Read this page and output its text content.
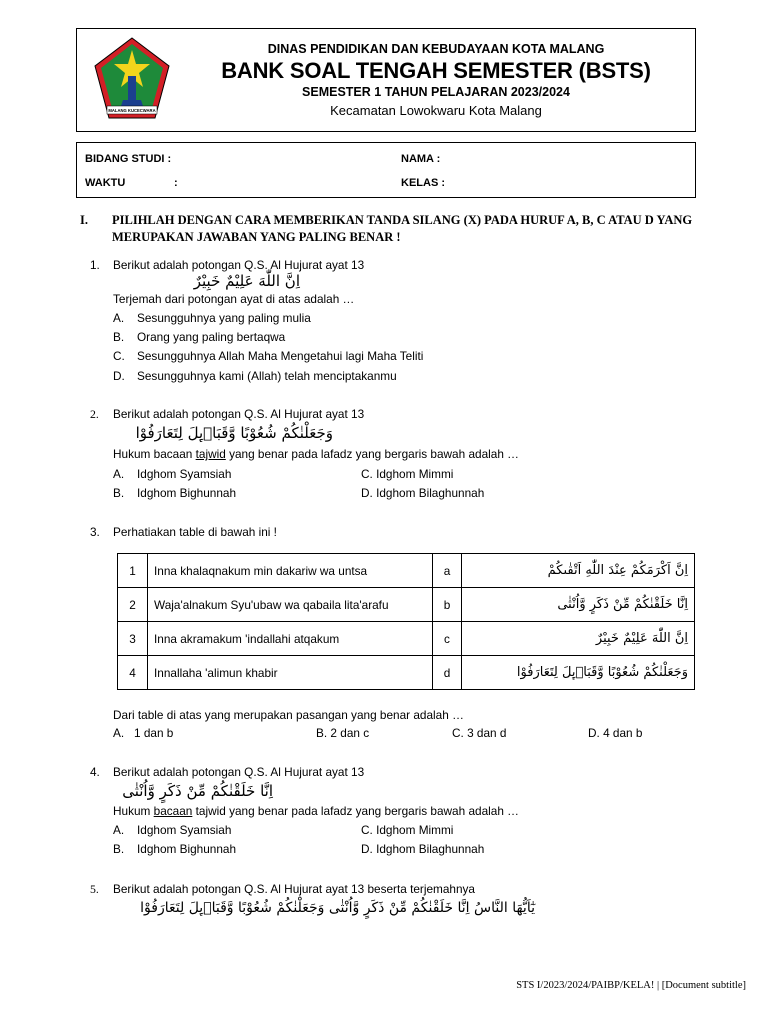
MALANG KUCECWARA
DINAS PENDIDIKAN DAN KEBUDAYAAN KOTA MALANG
BANK SOAL TENGAH SEMESTER (BSTS)
SEMESTER 1 TAHUN PELAJARAN 2023/2024
Kecamatan Lowokwaru Kota Malang
BIDANG STUDI :
WAKTU	:
NAMA :
KELAS :
I. PILIHLAH DENGAN CARA MEMBERIKAN TANDA SILANG (X) PADA HURUF A, B, C ATAU D YANG MERUPAKAN JAWABAN YANG PALING BENAR !
1. Berikut adalah potongan Q.S. Al Hujurat ayat 13
اِنَّ اللّٰهَ عَلِيْمٌ خَبِيْرٌ
Terjemah dari potongan ayat di atas adalah …
A. Sesungguhnya yang paling mulia
B. Orang yang paling bertaqwa
C. Sesungguhnya Allah Maha Mengetahui lagi Maha Teliti
D. Sesungguhnya kami (Allah) telah menciptakanmu
2. Berikut adalah potongan Q.S. Al Hujurat ayat 13
وَجَعَلْنٰكُمْ شُعُوْبًا وَّقَبَاۤىِٕلَ لِتَعَارَفُوْا
Hukum bacaan tajwid yang benar pada lafadz yang bergaris bawah adalah …
A. Idghom Syamsiah	C. Idghom Mimmi
B. Idghom Bighunnah	D. Idghom Bilaghunnah
3. Perhatiakan table di bawah ini !
1	Inna khalaqnakum min dakariw wa untsa	a	اِنَّ اَكْرَمَكُمْ عِنْدَ اللّٰهِ اَتْقٰىكُمْ
2	Waja'alnakum Syu'ubaw wa qabaila lita'arafu	b	اِنَّا خَلَقْنٰكُمْ مِّنْ ذَكَرٍ وَّاُنْثٰى
3	Inna akramakum 'indallahi atqakum	c	اِنَّ اللّٰهَ عَلِيْمٌ خَبِيْرٌ
4	Innallaha 'alimun khabir	d	وَجَعَلْنٰكُمْ شُعُوْبًا وَّقَبَاۤىِٕلَ لِتَعَارَفُوْا
Dari table di atas yang merupakan pasangan yang benar adalah …
A.   1 dan b	B. 2 dan c	C. 3 dan d	D. 4 dan b
4. Berikut adalah potongan Q.S. Al Hujurat ayat 13
اِنَّا خَلَقْنٰكُمْ مِّنْ ذَكَرٍ وَّاُنْثٰى
Hukum bacaan tajwid yang benar pada lafadz yang bergaris bawah adalah …
A. Idghom Syamsiah	C. Idghom Mimmi
B. Idghom Bighunnah	D. Idghom Bilaghunnah
5. Berikut adalah potongan Q.S. Al Hujurat ayat 13 beserta terjemahnya
يٰٓاَيُّهَا النَّاسُ اِنَّا خَلَقْنٰكُمْ مِّنْ ذَكَرٍ وَّاُنْثٰى وَجَعَلْنٰكُمْ شُعُوْبًا وَّقَبَاۤىِٕلَ لِتَعَارَفُوْا
STS I/2023/2024/PAIBP/KELA! | [Document subtitle]
